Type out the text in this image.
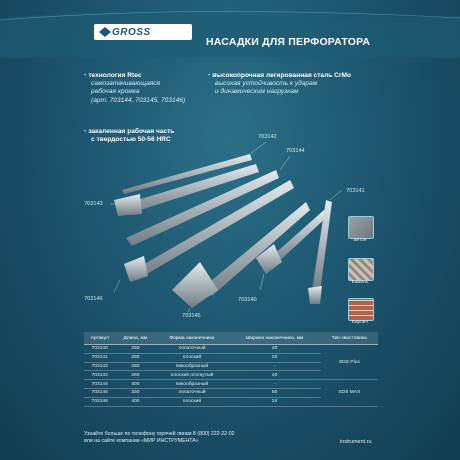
GROSS
НАСАДКИ ДЛЯ ПЕРФОРАТОРА
• технология Rtec
самозатачивающаяся
рабочая кромка
(арт. 703144, 703145, 703146)
• закаленная рабочая часть
с твердостью 50-56 HRC
• высокопрочная легированная сталь CrMo
высокая устойчивость к ударам
и динамическим нагрузкам
703142
703144
703143
703141
703146
703145
703140
Бетон
Камень
Кирпич
Артикул	Длина, мм	Форма наконечника	Ширина наконечника, мм	Тип хвостовика
703140	250	лопаточный	40	SDS Plus
703141	250	плоский	20	
703142	250	пикообразный	-	
703143	260	плоский отогнутый	40	
703144	400	пикообразный	-	SDS MAX
703145	330	лопаточный	50	
703146	400	плоский	24	
Узнайте больше по телефону горячей линии 8 (800) 222-22-02
или на сайте компании «МИР ИНСТРУМЕНТА»	instrument.ru
